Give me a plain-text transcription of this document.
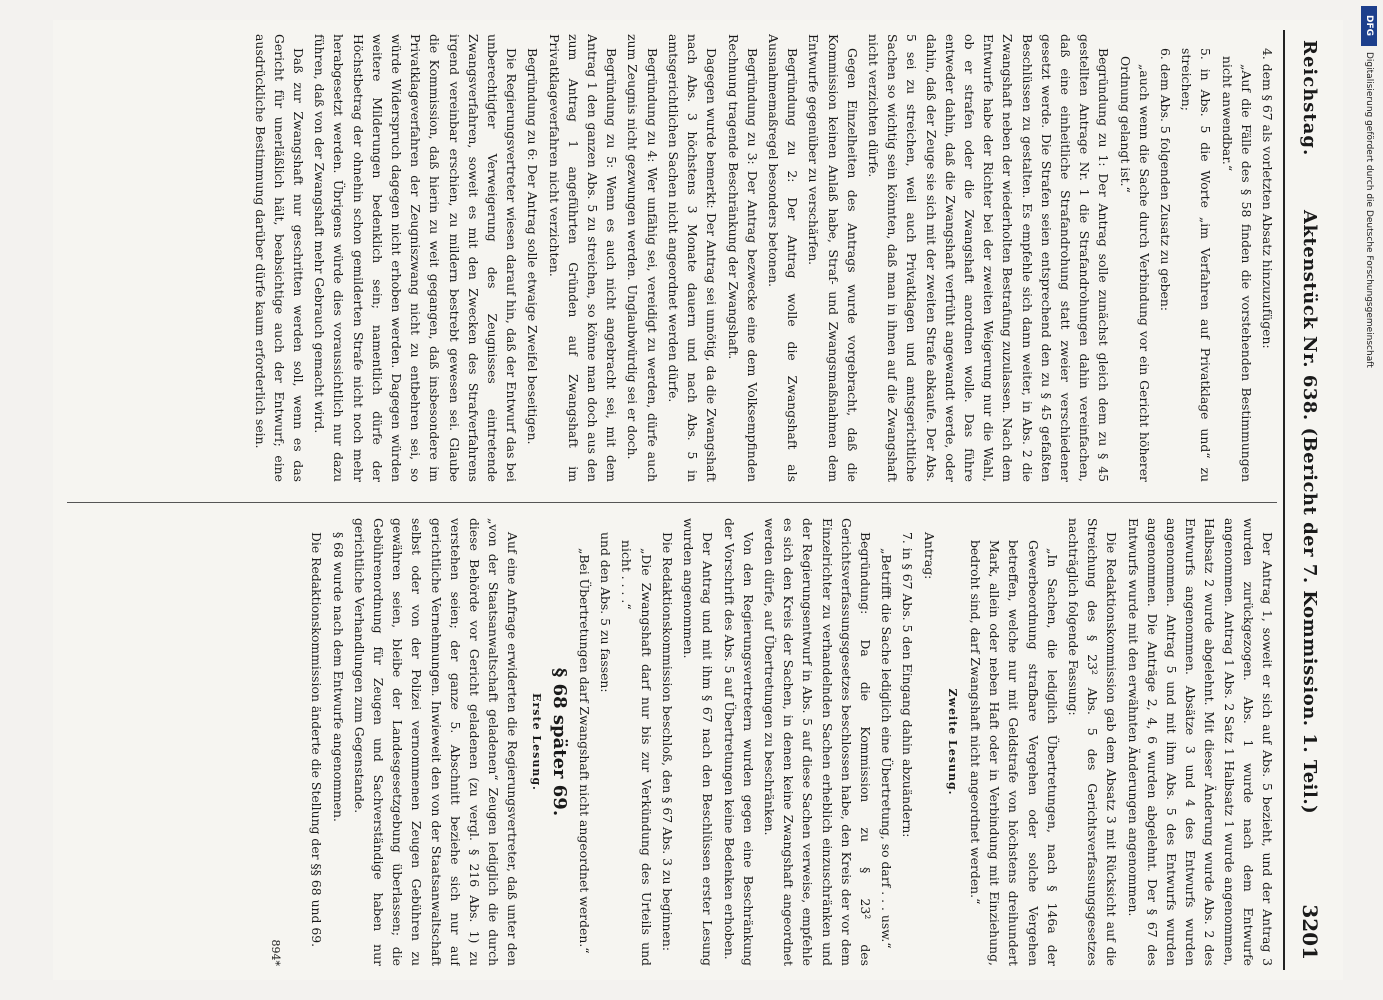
Reichstag.
Aktenstück Nr. 638. (Bericht der 7. Kommission. 1. Teil.)
3201

4. dem § 67 als vorletzten Absatz hinzuzufügen:

„Auf die Fälle des § 58 finden die vorstehenden Bestimmungen nicht anwendbar.“

5. in Abs. 5 die Worte „im Verfahren auf Privatklage und“ zu streichen;

6. dem Abs. 5 folgenden Zusatz zu geben:

„auch wenn die Sache durch Verbindung vor ein Gericht höherer Ordnung gelangt ist.“

Begründung zu 1: Der Antrag solle zunächst gleich dem zu § 45 gestellten Antrage Nr. 1 die Strafandrohungen dahin vereinfachen, daß eine einheitliche Strafandrohung statt zweier verschiedener gesetzt werde. Die Strafen seien entsprechend den zu § 45 gefaßten Beschlüssen zu gestalten. Es empfehle sich dann weiter, in Abs. 2 die Zwangshaft neben der wiederholten Bestrafung zuzulassen. Nach dem Entwurfe habe der Richter bei der zweiten Weigerung nur die Wahl, ob er strafen oder die Zwangshaft anordnen wolle. Das führe entweder dahin, daß die Zwangshaft verfrüht angewandt werde, oder dahin, daß der Zeuge sie sich mit der zweiten Strafe abkaufe. Der Abs. 5 sei zu streichen, weil auch Privatklagen und amtsgerichtliche Sachen so wichtig sein könnten, daß man in ihnen auf die Zwangshaft nicht verzichten dürfe.

Gegen Einzelheiten des Antrags wurde vorgebracht, daß die Kommission keinen Anlaß habe, Straf- und Zwangsmaßnahmen dem Entwurfe gegenüber zu verschärfen.

Begründung zu 2: Der Antrag wolle die Zwangshaft als Ausnahmemaßregel besonders betonen.

Begründung zu 3: Der Antrag bezwecke eine dem Volksempfinden Rechnung tragende Beschränkung der Zwangshaft.

Dagegen wurde bemerkt: Der Antrag sei unnötig, da die Zwangshaft nach Abs. 3 höchstens 3 Monate dauern und nach Abs. 5 in amtsgerichtlichen Sachen nicht angeordnet werden dürfe.

Begründung zu 4: Wer unfähig sei, vereidigt zu werden, dürfe auch zum Zeugnis nicht gezwungen werden. Unglaubwürdig sei er doch.

Begründung zu 5: Wenn es auch nicht angebracht sei, mit dem Antrag 1 den ganzen Abs. 5 zu streichen, so könne man doch aus den zum Antrag 1 angeführten Gründen auf Zwangshaft im Privatklageverfahren nicht verzichten.

Begründung zu 6: Der Antrag solle etwaige Zweifel beseitigen.

Die Regierungsvertreter wiesen darauf hin, daß der Entwurf das bei unberechtigter Verweigerung des Zeugnisses eintretende Zwangsverfahren, soweit es mit den Zwecken des Strafverfahrens irgend vereinbar erschien, zu mildern bestrebt gewesen sei. Glaube die Kommission, daß hierin zu weit gegangen, daß insbesondere im Privatklageverfahren der Zeugniszwang nicht zu entbehren sei, so würde Widerspruch dagegen nicht erhoben werden. Dagegen würden weitere Milderungen bedenklich sein; namentlich dürfe der Höchstbetrag der ohnehin schon gemilderten Strafe nicht noch mehr herabgesetzt werden. Übrigens würde dies voraussichtlich nur dazu führen, daß von der Zwangshaft mehr Gebrauch gemacht wird.

Daß zur Zwangshaft nur geschritten werden soll, wenn es das Gericht für unerläßlich hält, beabsichtige auch der Entwurf; eine ausdrückliche Bestimmung darüber dürfe kaum erforderlich sein.

Der Antrag 1, soweit er sich auf Abs. 5 bezieht, und der Antrag 3 wurden zurückgezogen. Abs. 1 wurde nach dem Entwurfe angenommen. Antrag 1 Abs. 2 Satz 1 Halbsatz 1 wurde angenommen, Halbsatz 2 wurde abgelehnt. Mit dieser Änderung wurde Abs. 2 des Entwurfs angenommen. Absätze 3 und 4 des Entwurfs wurden angenommen. Antrag 5 und mit ihm Abs. 5 des Entwurfs wurden angenommen. Die Anträge 2, 4, 6 wurden abgelehnt. Der § 67 des Entwurfs wurde mit den erwähnten Änderungen angenommen.

Die Redaktionskommission gab dem Absatz 3 mit Rücksicht auf die Streichung des § 23² Abs. 5 des Gerichtsverfassungsgesetzes nachträglich folgende Fassung:

„In Sachen, die lediglich Übertretungen, nach § 146a der Gewerbeordnung strafbare Vergehen oder solche Vergehen betreffen, welche nur mit Geldstrafe von höchstens dreihundert Mark, allein oder neben Haft oder in Verbindung mit Einziehung, bedroht sind, darf Zwangshaft nicht angeordnet werden.“

Zweite Lesung.

Antrag:

7. in § 67 Abs. 5 den Eingang dahin abzuändern:

„Betrifft die Sache lediglich eine Übertretung, so darf . . . usw.“

Begründung: Da die Kommission zu § 23² des Gerichtsverfassungsgesetzes beschlossen habe, den Kreis der vor dem Einzelrichter zu verhandelnden Sachen erheblich einzuschränken und der Regierungsentwurf in Abs. 5 auf diese Sachen verweise, empfehle es sich den Kreis der Sachen, in denen keine Zwangshaft angeordnet werden dürfe, auf Übertretungen zu beschränken.

Von den Regierungsvertretern wurden gegen eine Beschränkung der Vorschrift des Abs. 5 auf Übertretungen keine Bedenken erhoben.

Der Antrag und mit ihm § 67 nach den Beschlüssen erster Lesung wurden angenommen.

Die Redaktionskommission beschloß, den § 67 Abs. 3 zu beginnen:

„Die Zwangshaft darf nur bis zur Verkündung des Urteils und nicht . . . .“

und den Abs. 5 zu fassen:

„Bei Übertretungen darf Zwangshaft nicht angeordnet werden.“

§ 68 später 69.

Erste Lesung.

Auf eine Anfrage erwiderten die Regierungsvertreter, daß unter den „von der Staatsanwaltschaft geladenen“ Zeugen lediglich die durch diese Behörde vor Gericht geladenen (zu vergl. § 216 Abs. 1) zu verstehen seien; der ganze 5. Abschnitt beziehe sich nur auf gerichtliche Vernehmungen. Inwieweit den von der Staatsanwaltschaft selbst oder von der Polizei vernommenen Zeugen Gebühren zu gewähren seien, bleibe der Landesgesetzgebung überlassen; die Gebührenordnung für Zeugen und Sachverständige haben nur gerichtliche Verhandlungen zum Gegenstande.

§ 68 wurde nach dem Entwurfe angenommen.

Die Redaktionskommission änderte die Stellung der §§ 68 und 69.

894*

DFG
Digitalisierung gefördert durch die Deutsche Forschungsgemeinschaft
